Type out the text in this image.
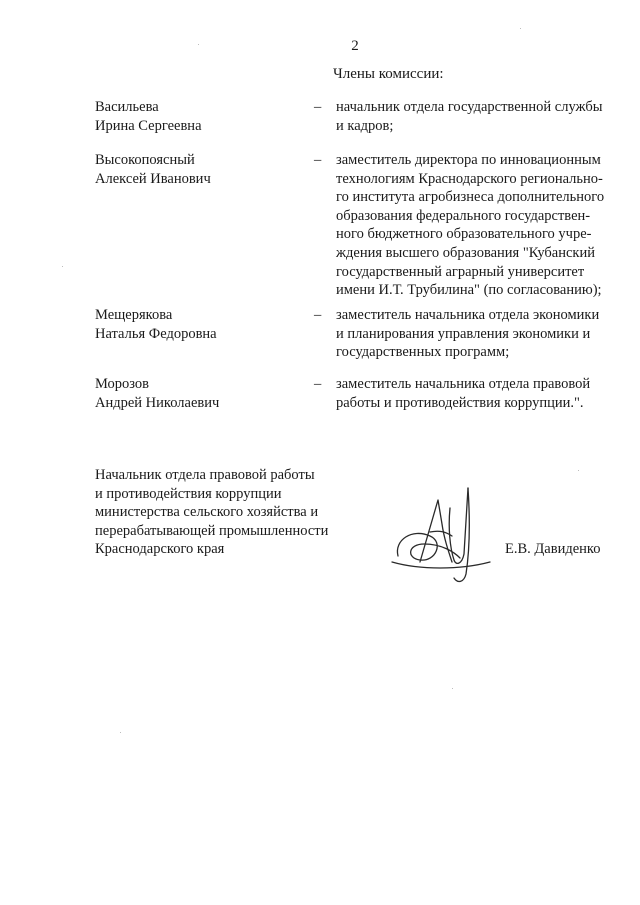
2
Члены комиссии:
Васильева
Ирина Сергеевна
– начальник отдела государственной службы
и кадров;
Высокопоясный
Алексей Иванович
– заместитель директора по инновационным
технологиям Краснодарского регионально-
го института агробизнеса дополнительного
образования федерального государствен-
ного бюджетного образовательного учре-
ждения высшего образования "Кубанский
государственный аграрный университет
имени И.Т. Трубилина" (по согласованию);
Мещерякова
Наталья Федоровна
– заместитель начальника отдела экономики
и планирования управления экономики и
государственных программ;
Морозов
Андрей Николаевич
– заместитель начальника отдела правовой
работы и противодействия коррупции.".
Начальник отдела правовой работы
и противодействия коррупции
министерства сельского хозяйства и
перерабатывающей промышленности
Краснодарского края	Е.В. Давиденко
